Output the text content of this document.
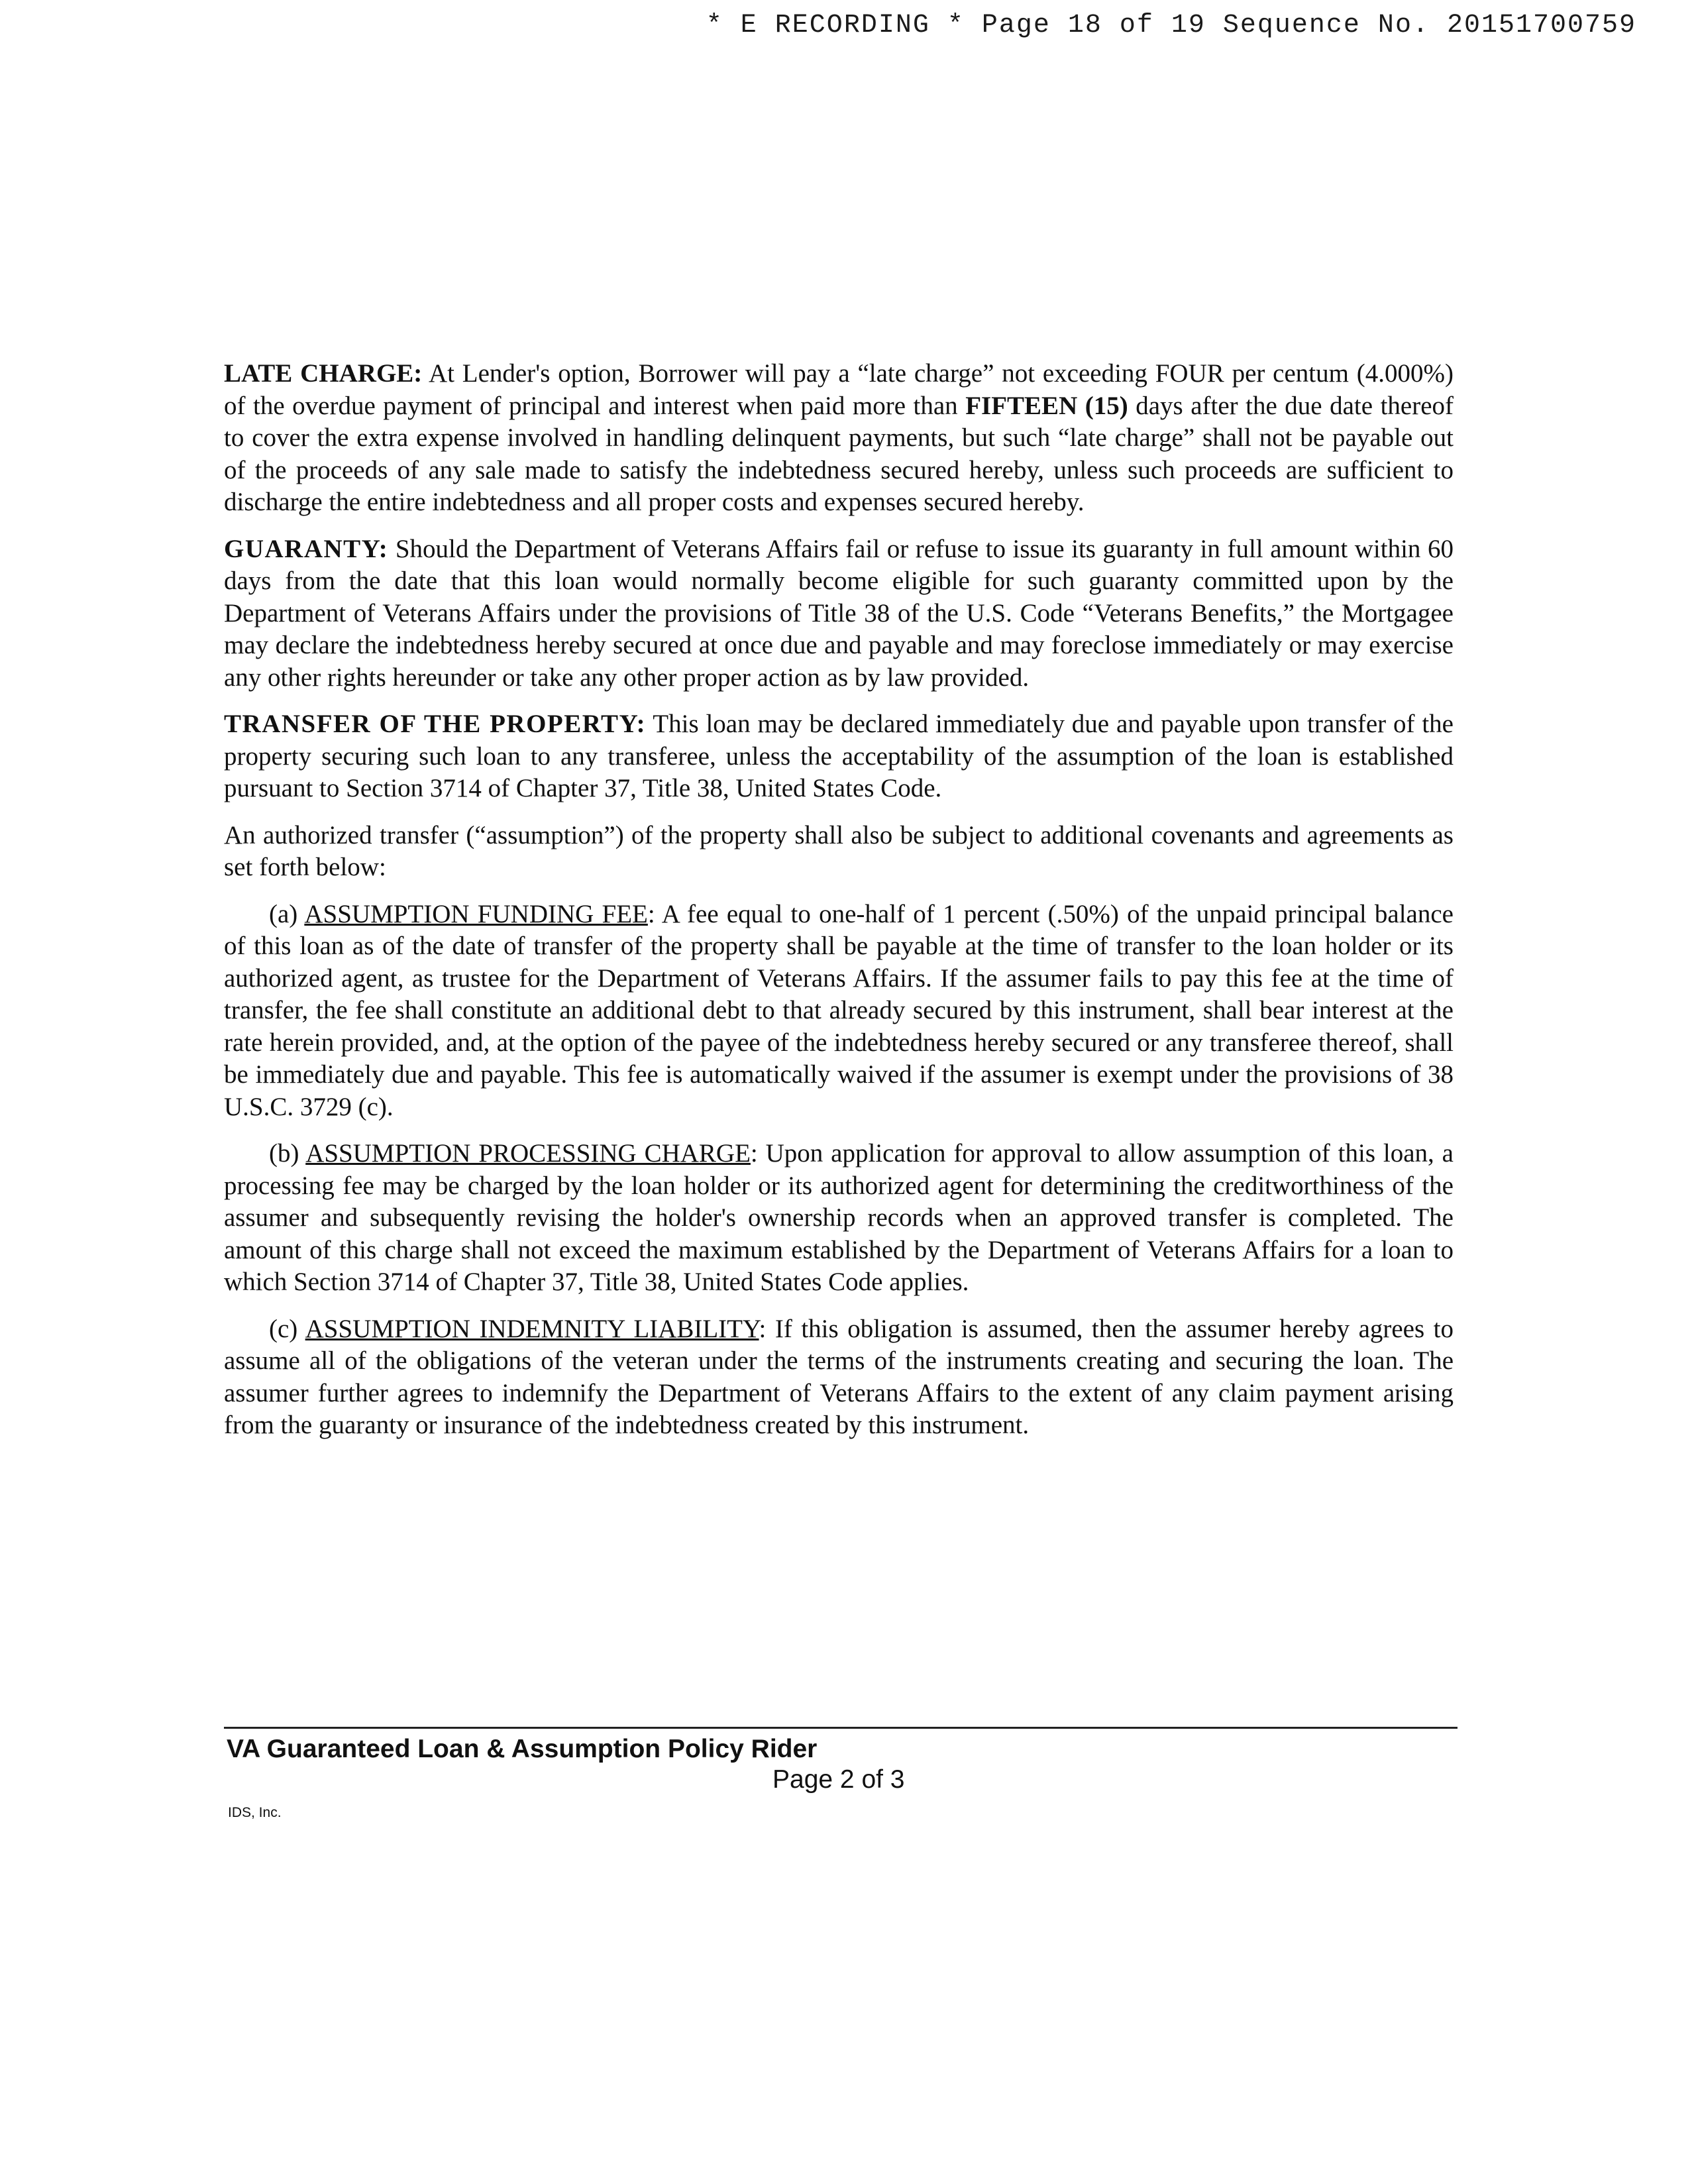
* E RECORDING * Page 18 of 19 Sequence No. 20151700759

LATE CHARGE: At Lender's option, Borrower will pay a “late charge” not exceeding FOUR per centum (4.000%) of the overdue payment of principal and interest when paid more than FIFTEEN (15) days after the due date thereof to cover the extra expense involved in handling delinquent payments, but such “late charge” shall not be payable out of the proceeds of any sale made to satisfy the indebtedness secured hereby, unless such proceeds are sufficient to discharge the entire indebtedness and all proper costs and expenses secured hereby.

GUARANTY: Should the Department of Veterans Affairs fail or refuse to issue its guaranty in full amount within 60 days from the date that this loan would normally become eligible for such guaranty committed upon by the Department of Veterans Affairs under the provisions of Title 38 of the U.S. Code “Veterans Benefits,” the Mortgagee may declare the indebtedness hereby secured at once due and payable and may foreclose immediately or may exercise any other rights hereunder or take any other proper action as by law provided.

TRANSFER OF THE PROPERTY: This loan may be declared immediately due and payable upon transfer of the property securing such loan to any transferee, unless the acceptability of the assumption of the loan is established pursuant to Section 3714 of Chapter 37, Title 38, United States Code.

An authorized transfer (“assumption”) of the property shall also be subject to additional covenants and agreements as set forth below:

(a) ASSUMPTION FUNDING FEE: A fee equal to one-half of 1 percent (.50%) of the unpaid principal balance of this loan as of the date of transfer of the property shall be payable at the time of transfer to the loan holder or its authorized agent, as trustee for the Department of Veterans Affairs. If the assumer fails to pay this fee at the time of transfer, the fee shall constitute an additional debt to that already secured by this instrument, shall bear interest at the rate herein provided, and, at the option of the payee of the indebtedness hereby secured or any transferee thereof, shall be immediately due and payable. This fee is automatically waived if the assumer is exempt under the provisions of 38 U.S.C. 3729 (c).

(b) ASSUMPTION PROCESSING CHARGE: Upon application for approval to allow assumption of this loan, a processing fee may be charged by the loan holder or its authorized agent for determining the creditworthiness of the assumer and subsequently revising the holder's ownership records when an approved transfer is completed. The amount of this charge shall not exceed the maximum established by the Department of Veterans Affairs for a loan to which Section 3714 of Chapter 37, Title 38, United States Code applies.

(c) ASSUMPTION INDEMNITY LIABILITY: If this obligation is assumed, then the assumer hereby agrees to assume all of the obligations of the veteran under the terms of the instruments creating and securing the loan. The assumer further agrees to indemnify the Department of Veterans Affairs to the extent of any claim payment arising from the guaranty or insurance of the indebtedness created by this instrument.

VA Guaranteed Loan & Assumption Policy Rider
Page 2 of 3
IDS, Inc.
